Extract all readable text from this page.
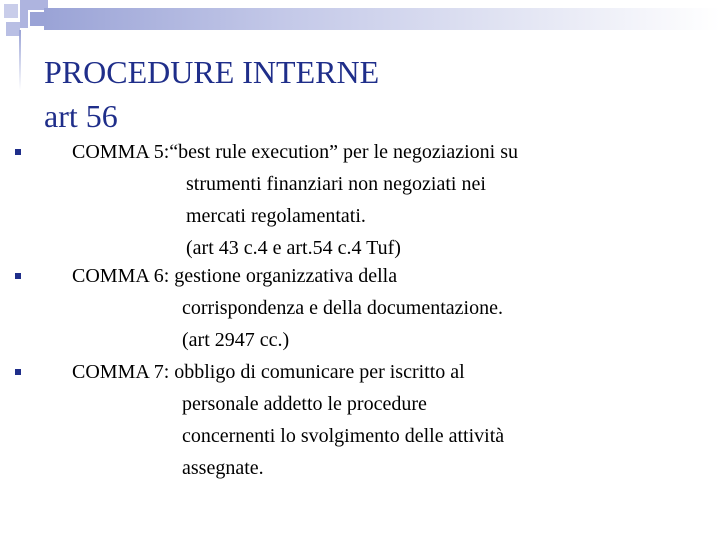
PROCEDURE INTERNE
art 56
COMMA 5:“best rule execution” per le negoziazioni su
strumenti finanziari non negoziati nei
mercati regolamentati.
(art 43 c.4 e art.54 c.4 Tuf)
COMMA 6: gestione organizzativa della
corrispondenza e della documentazione.
(art 2947 cc.)
COMMA 7: obbligo di comunicare per iscritto al
personale addetto le procedure
concernenti lo svolgimento delle attività
assegnate.
